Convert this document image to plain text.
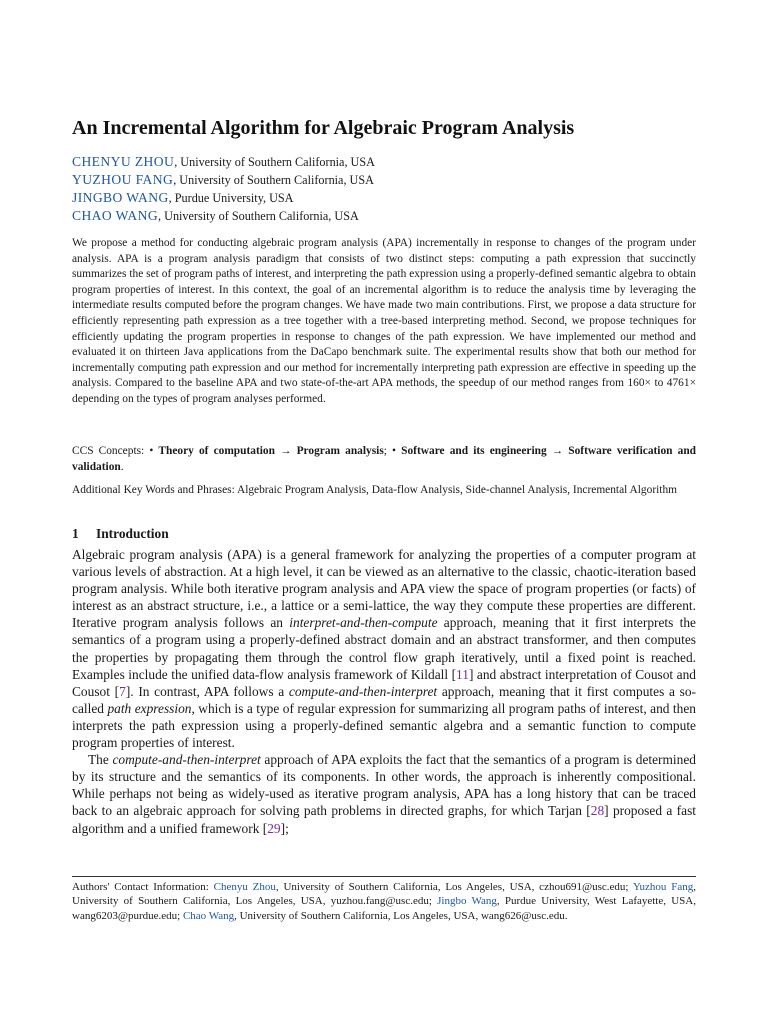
An Incremental Algorithm for Algebraic Program Analysis
CHENYU ZHOU, University of Southern California, USA
YUZHOU FANG, University of Southern California, USA
JINGBO WANG, Purdue University, USA
CHAO WANG, University of Southern California, USA

We propose a method for conducting algebraic program analysis (APA) incrementally in response to changes of the program under analysis. APA is a program analysis paradigm that consists of two distinct steps: computing a path expression that succinctly summarizes the set of program paths of interest, and interpreting the path expression using a properly-defined semantic algebra to obtain program properties of interest. In this context, the goal of an incremental algorithm is to reduce the analysis time by leveraging the intermediate results computed before the program changes. We have made two main contributions. First, we propose a data structure for efficiently representing path expression as a tree together with a tree-based interpreting method. Second, we propose techniques for efficiently updating the program properties in response to changes of the path expression. We have implemented our method and evaluated it on thirteen Java applications from the DaCapo benchmark suite. The experimental results show that both our method for incrementally computing path expression and our method for incrementally interpreting path expression are effective in speeding up the analysis. Compared to the baseline APA and two state-of-the-art APA methods, the speedup of our method ranges from 160× to 4761× depending on the types of program analyses performed.

CCS Concepts: • Theory of computation → Program analysis; • Software and its engineering → Software verification and validation.

Additional Key Words and Phrases: Algebraic Program Analysis, Data-flow Analysis, Side-channel Analysis, Incremental Algorithm

1 Introduction

Algebraic program analysis (APA) is a general framework for analyzing the properties of a computer program at various levels of abstraction. At a high level, it can be viewed as an alternative to the classic, chaotic-iteration based program analysis. While both iterative program analysis and APA view the space of program properties (or facts) of interest as an abstract structure, i.e., a lattice or a semi-lattice, the way they compute these properties are different. Iterative program analysis follows an interpret-and-then-compute approach, meaning that it first interprets the semantics of a program using a properly-defined abstract domain and an abstract transformer, and then computes the properties by propagating them through the control flow graph iteratively, until a fixed point is reached. Examples include the unified data-flow analysis framework of Kildall [11] and abstract interpretation of Cousot and Cousot [7]. In contrast, APA follows a compute-and-then-interpret approach, meaning that it first computes a so-called path expression, which is a type of regular expression for summarizing all program paths of interest, and then interprets the path expression using a properly-defined semantic algebra and a semantic function to compute program properties of interest.

The compute-and-then-interpret approach of APA exploits the fact that the semantics of a program is determined by its structure and the semantics of its components. In other words, the approach is inherently compositional. While perhaps not being as widely-used as iterative program analysis, APA has a long history that can be traced back to an algebraic approach for solving path problems in directed graphs, for which Tarjan [28] proposed a fast algorithm and a unified framework [29];

Authors' Contact Information: Chenyu Zhou, University of Southern California, Los Angeles, USA, czhou691@usc.edu; Yuzhou Fang, University of Southern California, Los Angeles, USA, yuzhou.fang@usc.edu; Jingbo Wang, Purdue University, West Lafayette, USA, wang6203@purdue.edu; Chao Wang, University of Southern California, Los Angeles, USA, wang626@usc.edu.
